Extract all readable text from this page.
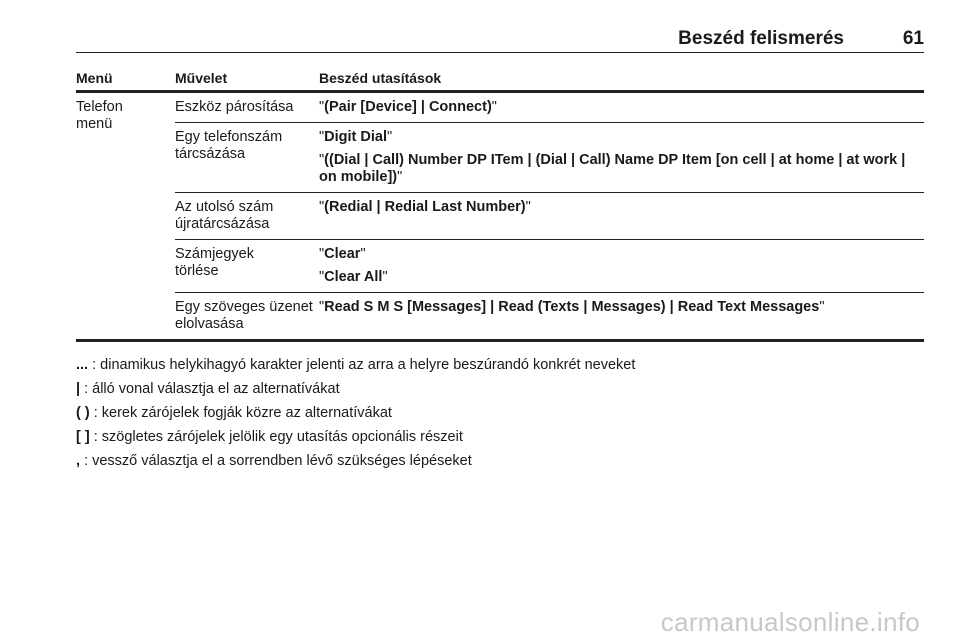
Beszéd felismerés	61
Menü	Művelet	Beszéd utasítások

Telefon menü	Eszköz párosítása	"(Pair [Device] | Connect)"

	Egy telefonszám tárcsázása	"Digit Dial"

"((Dial | Call) Number DP ITem | (Dial | Call) Name DP Item [on cell | at home | at work | on mobile])"

	Az utolsó szám újratárcsázása	"(Redial | Redial Last Number)"

	Számjegyek törlése	"Clear"

"Clear All"

	Egy szöveges üzenet elolvasása	"Read S M S [Messages] | Read (Texts | Messages) | Read Text Messages"

... : dinamikus helykihagyó karakter jelenti az arra a helyre beszúrandó konkrét neveket
| : álló vonal választja el az alternatívákat
( ) : kerek zárójelek fogják közre az alternatívákat
[ ] : szögletes zárójelek jelölik egy utasítás opcionális részeit
, : vessző választja el a sorrendben lévő szükséges lépéseket
carmanualsonline.info
